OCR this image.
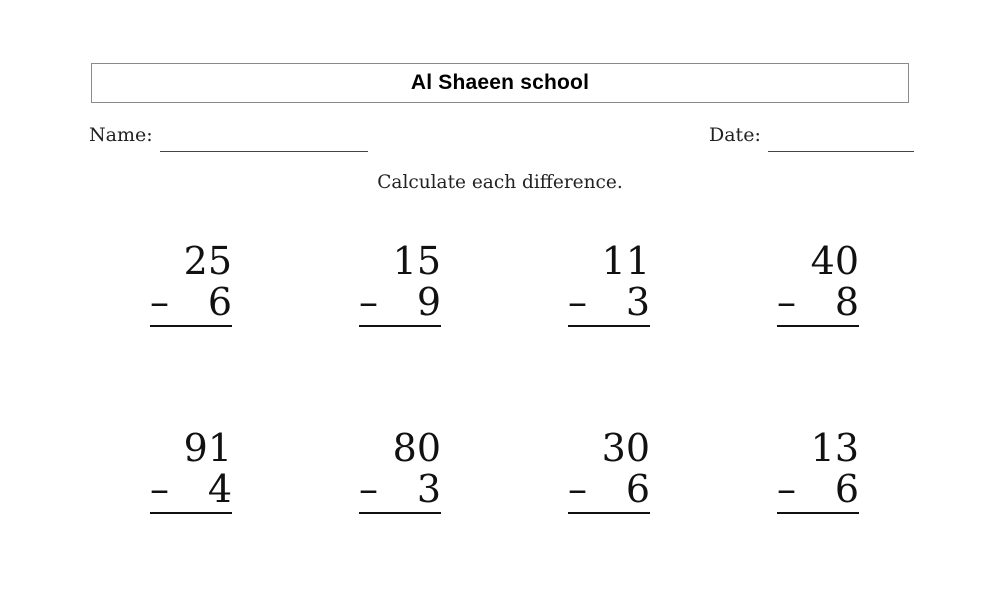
Al Shaeen school
Name:	Date:
Calculate each difference.
25
– 6
15
– 9
11
– 3
40
– 8
91
– 4
80
– 3
30
– 6
13
– 6
